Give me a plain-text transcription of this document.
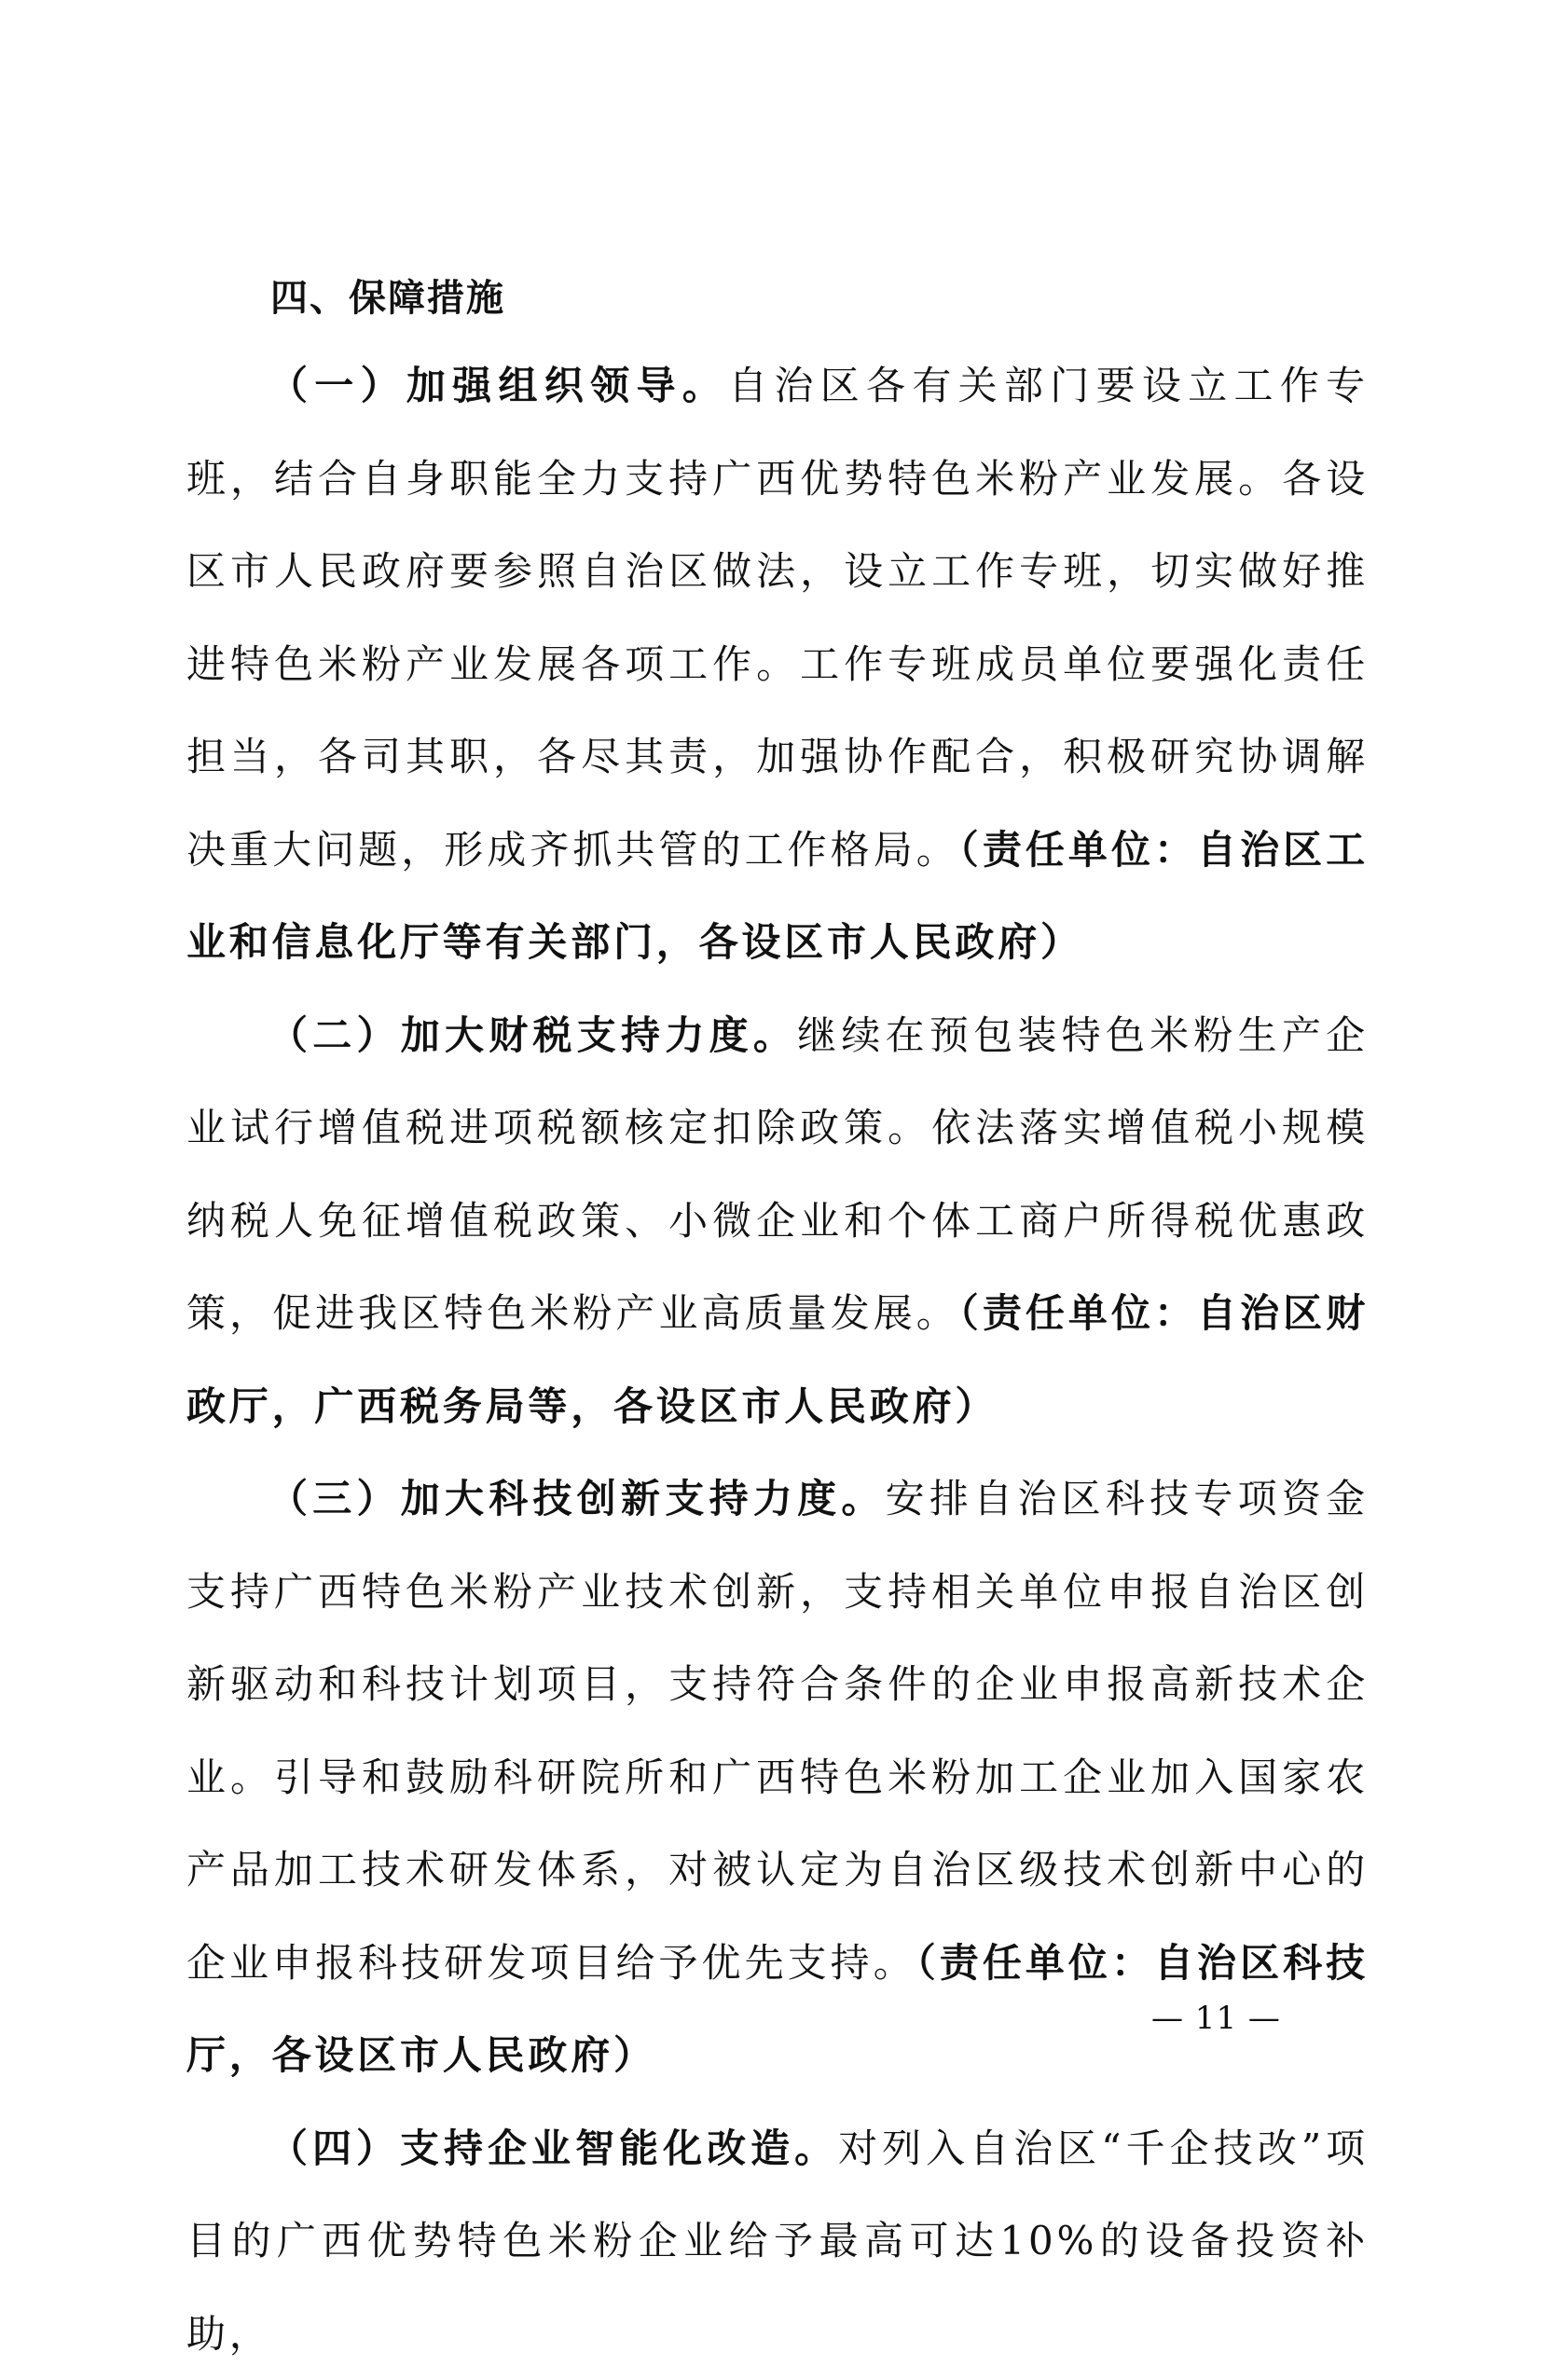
四、保障措施

（一）加强组织领导。自治区各有关部门要设立工作专班，结合自身职能全力支持广西优势特色米粉产业发展。各设区市人民政府要参照自治区做法，设立工作专班，切实做好推进特色米粉产业发展各项工作。工作专班成员单位要强化责任担当，各司其职，各尽其责，加强协作配合，积极研究协调解决重大问题，形成齐抓共管的工作格局。（责任单位：自治区工业和信息化厅等有关部门，各设区市人民政府）

（二）加大财税支持力度。继续在预包装特色米粉生产企业试行增值税进项税额核定扣除政策。依法落实增值税小规模纳税人免征增值税政策、小微企业和个体工商户所得税优惠政策，促进我区特色米粉产业高质量发展。（责任单位：自治区财政厅，广西税务局等，各设区市人民政府）

（三）加大科技创新支持力度。安排自治区科技专项资金支持广西特色米粉产业技术创新，支持相关单位申报自治区创新驱动和科技计划项目，支持符合条件的企业申报高新技术企业。引导和鼓励科研院所和广西特色米粉加工企业加入国家农产品加工技术研发体系，对被认定为自治区级技术创新中心的企业申报科技研发项目给予优先支持。（责任单位：自治区科技厅，各设区市人民政府）

（四）支持企业智能化改造。对列入自治区“千企技改”项目的广西优势特色米粉企业给予最高可达10%的设备投资补助，

— 11 —
